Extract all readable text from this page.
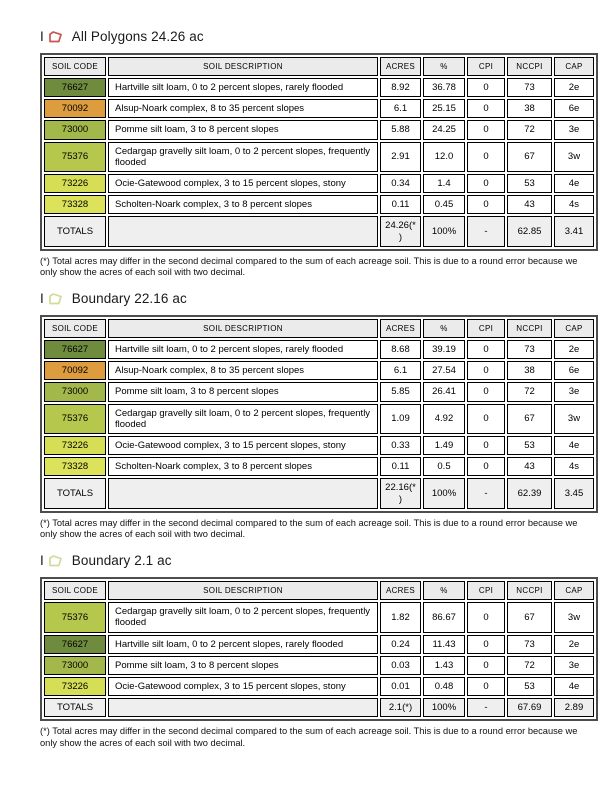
I All Polygons 24.26 ac
SOIL CODE	SOIL DESCRIPTION	ACRES	%	CPI	NCCPI	CAP
76627	Hartville silt loam, 0 to 2 percent slopes, rarely flooded	8.92	36.78	0	73	2e
70092	Alsup-Noark complex, 8 to 35 percent slopes	6.1	25.15	0	38	6e
73000	Pomme silt loam, 3 to 8 percent slopes	5.88	24.25	0	72	3e
75376	Cedargap gravelly silt loam, 0 to 2 percent slopes, frequently flooded	2.91	12.0	0	67	3w
73226	Ocie-Gatewood complex, 3 to 15 percent slopes, stony	0.34	1.4	0	53	4e
73328	Scholten-Noark complex, 3 to 8 percent slopes	0.11	0.45	0	43	4s
TOTALS		24.26(*)	100%	-	62.85	3.41

(*) Total acres may differ in the second decimal compared to the sum of each acreage soil. This is due to a round error because we only show the acres of each soil with two decimal.

I Boundary 22.16 ac
SOIL CODE	SOIL DESCRIPTION	ACRES	%	CPI	NCCPI	CAP
76627	Hartville silt loam, 0 to 2 percent slopes, rarely flooded	8.68	39.19	0	73	2e
70092	Alsup-Noark complex, 8 to 35 percent slopes	6.1	27.54	0	38	6e
73000	Pomme silt loam, 3 to 8 percent slopes	5.85	26.41	0	72	3e
75376	Cedargap gravelly silt loam, 0 to 2 percent slopes, frequently flooded	1.09	4.92	0	67	3w
73226	Ocie-Gatewood complex, 3 to 15 percent slopes, stony	0.33	1.49	0	53	4e
73328	Scholten-Noark complex, 3 to 8 percent slopes	0.11	0.5	0	43	4s
TOTALS		22.16(*)	100%	-	62.39	3.45

(*) Total acres may differ in the second decimal compared to the sum of each acreage soil. This is due to a round error because we only show the acres of each soil with two decimal.

I Boundary 2.1 ac
SOIL CODE	SOIL DESCRIPTION	ACRES	%	CPI	NCCPI	CAP
75376	Cedargap gravelly silt loam, 0 to 2 percent slopes, frequently flooded	1.82	86.67	0	67	3w
76627	Hartville silt loam, 0 to 2 percent slopes, rarely flooded	0.24	11.43	0	73	2e
73000	Pomme silt loam, 3 to 8 percent slopes	0.03	1.43	0	72	3e
73226	Ocie-Gatewood complex, 3 to 15 percent slopes, stony	0.01	0.48	0	53	4e
TOTALS		2.1(*)	100%	-	67.69	2.89

(*) Total acres may differ in the second decimal compared to the sum of each acreage soil. This is due to a round error because we only show the acres of each soil with two decimal.
